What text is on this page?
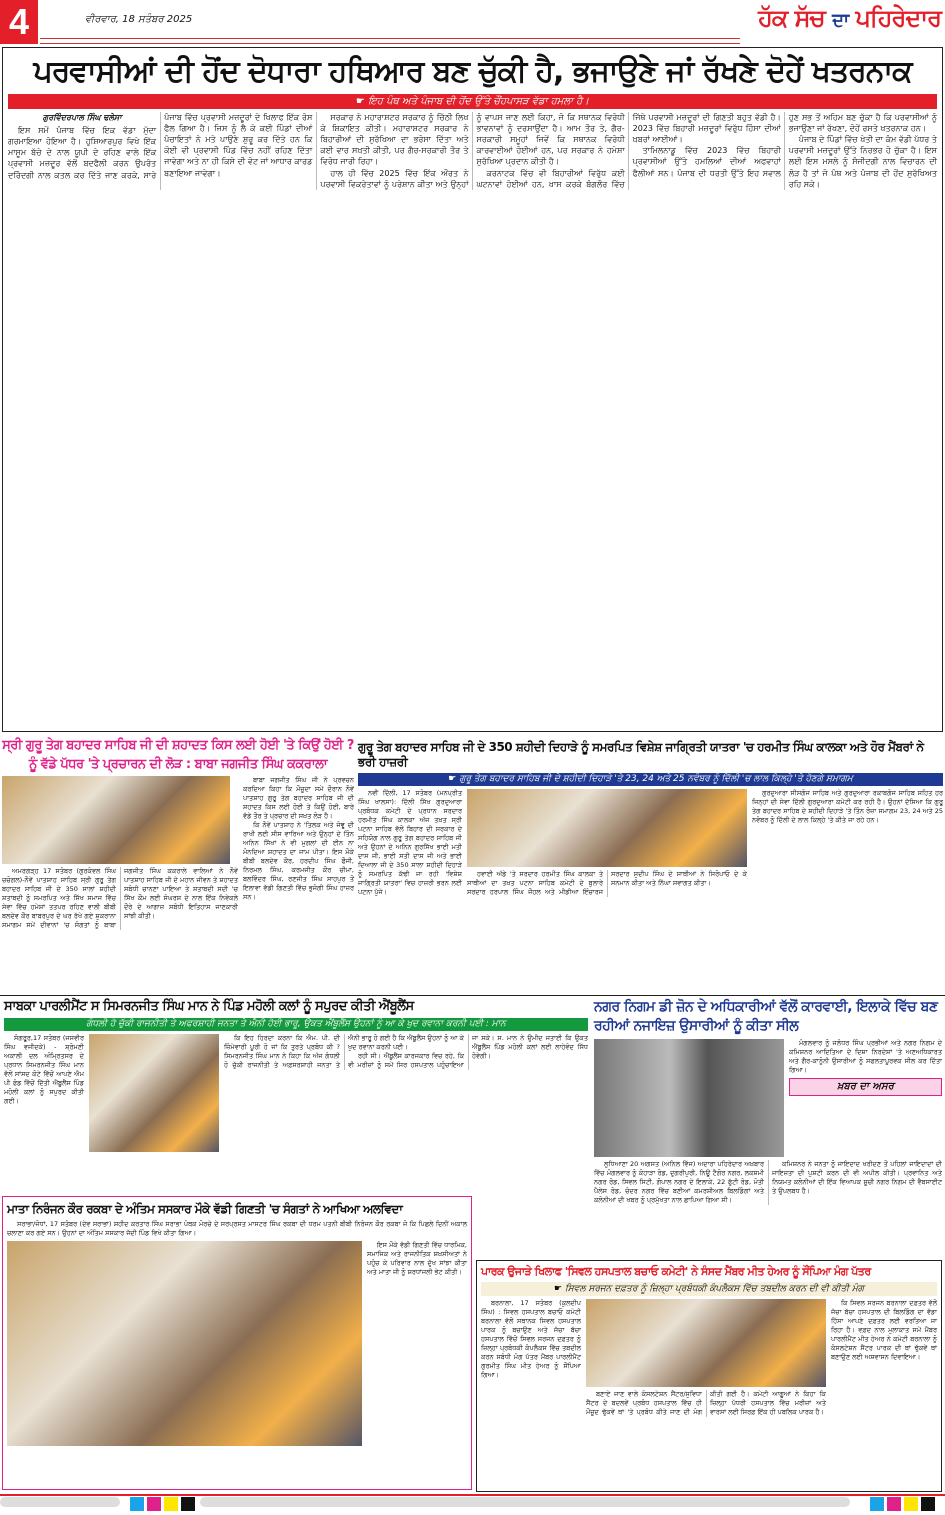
4	ਵੀਰਵਾਰ, 18 ਸਤੰਬਰ 2025	ਹੱਕ ਸੱਚ ਦਾ ਪਹਿਰੇਦਾਰ
ਪਰਵਾਸੀਆਂ ਦੀ ਹੋਂਦ ਦੋਧਾਰਾ ਹਥਿਆਰ ਬਣ ਚੁੱਕੀ ਹੈ, ਭਜਾਉਣੇ ਜਾਂ ਰੱਖਣੇ ਦੋਹੇਂ ਖਤਰਨਾਕ
☛ ਇਹ ਪੰਥ ਅਤੇ ਪੰਜਾਬ ਦੀ ਹੋਂਦ ਉੱਤੇ ਚੌਂਹਪਾਸੜ ਵੱਡਾ ਹਮਲਾ ਹੈ।
ਗੁਰਵਿੰਦਰਪਾਲ ਸਿੰਘ ਢਲੇਸਾ

ਇਸ ਸਮੇਂ ਪੰਜਾਬ ਵਿੱਚ ਇਕ ਵੱਡਾ ਮੁੱਦਾ ਗਰਮਾਇਆ ਹੋਇਆ ਹੈ। ਹੁਸ਼ਿਆਰਪੁਰ ਵਿਖੇ ਇੱਕ ਮਾਸੂਮ ਬੱਚੇ ਦੇ ਨਾਲ ਯੂਪੀ ਦੇ ਰਹਿਣ ਵਾਲੇ ਇੱਕ ਪ੍ਰਵਾਸੀ ਮਜ਼ਦੂਰ ਵੱਲੋਂ ਬਦਫੈਲੀ ਕਰਨ ਉਪਰੰਤ ਦਰਿੰਦਗੀ ਨਾਲ ਕਤਲ ਕਰ ਦਿੱਤੇ ਜਾਣ ਕਰਕੇ, ਸਾਰੇ ਪੰਜਾਬ ਵਿੱਚ ਪ੍ਰਵਾਸੀ ਮਜ਼ਦੂਰਾਂ ਦੇ ਖਿਲਾਫ ਇੱਕ ਰੋਸ ਫੈਲ ਗਿਆ ਹੈ। ਜਿਸ ਨੂੰ ਲੈ ਕੇ ਕਈ ਪਿੰਡਾਂ ਦੀਆਂ ਪੰਚਾਇਤਾਂ ਨੇ ਮਤੇ ਪਾਉਣੇ ਸ਼ੁਰੂ ਕਰ ਦਿੱਤੇ ਹਨ ਕਿ ਕੋਈ ਵੀ ਪ੍ਰਵਾਸੀ ਪਿੰਡ ਵਿੱਚ ਨਹੀਂ ਰਹਿਣ ਦਿੱਤਾ ਜਾਵੇਗਾ ਅਤੇ ਨਾ ਹੀ ਕਿਸੇ ਦੀ ਵੋਟ ਜਾਂ ਆਧਾਰ ਕਾਰਡ ਬਣਾਇਆ ਜਾਵੇਗਾ।

ਸਰਕਾਰ ਨੇ ਮਹਾਰਾਸ਼ਟਰ ਸਰਕਾਰ ਨੂੰ ਚਿੱਠੀ ਲਿਖ ਕੇ ਸ਼ਿਕਾਇਤ ਕੀਤੀ। ਮਹਾਰਾਸ਼ਟਰ ਸਰਕਾਰ ਨੇ ਬਿਹਾਰੀਆਂ ਦੀ ਸੁਰੱਖਿਆ ਦਾ ਭਰੋਸਾ ਦਿੱਤਾ ਅਤੇ ਕਈ ਵਾਰ ਸਖ਼ਤੀ ਕੀਤੀ, ਪਰ ਗੈਰ-ਸਰਕਾਰੀ ਤੌਰ ਤੇ ਵਿਰੋਧ ਜਾਰੀ ਰਿਹਾ।

ਹਾਲ ਹੀ ਵਿੱਚ 2025 ਵਿੱਚ ਇੱਕ ਔਰਤ ਨੇ ਪਰਵਾਸੀ ਵਿਕਰੇਤਾਵਾਂ ਨੂੰ ਪਰੇਸ਼ਾਨ ਕੀਤਾ ਅਤੇ ਉਨ੍ਹਾਂ ਨੂੰ ਵਾਪਸ ਜਾਣ ਲਈ ਕਿਹਾ, ਜੋ ਕਿ ਸਥਾਨਕ ਵਿਰੋਧੀ ਭਾਵਨਾਵਾਂ ਨੂੰ ਦਰਸਾਉਂਦਾ ਹੈ। ਆਮ ਤੌਰ ਤੇ, ਗੈਰ-ਸਰਕਾਰੀ ਸਮੂਹਾਂ ਜਿਵੇਂ ਕਿ ਸਥਾਨਕ ਵਿਰੋਧੀ ਕਾਰਵਾਈਆਂ ਹੋਈਆਂ ਹਨ, ਪਰ ਸਰਕਾਰ ਨੇ ਹਮੇਸ਼ਾ ਸੁਰੱਖਿਆ ਪ੍ਰਦਾਨ ਕੀਤੀ ਹੈ।

ਕਰਨਾਟਕ ਵਿੱਚ ਵੀ ਬਿਹਾਰੀਆਂ ਵਿਰੁੱਧ ਕਈ ਘਟਨਾਵਾਂ ਹੋਈਆਂ ਹਨ, ਖਾਸ ਕਰਕੇ ਬੰਗਲੌਰ ਵਿੱਚ ਜਿੱਥੇ ਪਰਵਾਸੀ ਮਜ਼ਦੂਰਾਂ ਦੀ ਗਿਣਤੀ ਬਹੁਤ ਵੱਡੀ ਹੈ। 2023 ਵਿੱਚ ਬਿਹਾਰੀ ਮਜ਼ਦੂਰਾਂ ਵਿਰੁੱਧ ਹਿੰਸਾ ਦੀਆਂ ਖ਼ਬਰਾਂ ਆਈਆਂ।

ਤਾਮਿਲਨਾਡੂ ਵਿੱਚ 2023 ਵਿੱਚ ਬਿਹਾਰੀ ਪ੍ਰਵਾਸੀਆਂ ਉੱਤੇ ਹਮਲਿਆਂ ਦੀਆਂ ਅਫਵਾਹਾਂ ਫੈਲੀਆਂ ਸਨ। ਪੰਜਾਬ ਦੀ ਧਰਤੀ ਉੱਤੇ ਇਹ ਸਵਾਲ ਹੁਣ ਸਭ ਤੋਂ ਅਹਿਮ ਬਣ ਚੁੱਕਾ ਹੈ ਕਿ ਪਰਵਾਸੀਆਂ ਨੂੰ ਭਜਾਉਣਾ ਜਾਂ ਰੱਖਣਾ, ਦੋਹੇਂ ਰਸਤੇ ਖਤਰਨਾਕ ਹਨ।

ਪੰਜਾਬ ਦੇ ਪਿੰਡਾਂ ਵਿੱਚ ਖੇਤੀ ਦਾ ਕੰਮ ਵੱਡੀ ਪੱਧਰ ਤੇ ਪਰਵਾਸੀ ਮਜ਼ਦੂਰਾਂ ਉੱਤੇ ਨਿਰਭਰ ਹੋ ਚੁੱਕਾ ਹੈ। ਇਸ ਲਈ ਇਸ ਮਸਲੇ ਨੂੰ ਸੰਜੀਦਗੀ ਨਾਲ ਵਿਚਾਰਨ ਦੀ ਲੋੜ ਹੈ ਤਾਂ ਜੋ ਪੰਥ ਅਤੇ ਪੰਜਾਬ ਦੀ ਹੋਂਦ ਸੁਰੱਖਿਅਤ ਰਹਿ ਸਕੇ।

ਸ੍ਰੀ ਗੁਰੂ ਤੇਗ ਬਹਾਦਰ ਸਾਹਿਬ ਜੀ ਦੀ ਸ਼ਹਾਦਤ ਕਿਸ ਲਈ ਹੋਈ 'ਤੇ ਕਿਉਂ ਹੋਈ ?
ਨੂੰ ਵੱਡੇ ਪੱਧਰ 'ਤੇ ਪ੍ਰਚਾਰਨ ਦੀ ਲੋੜ : ਬਾਬਾ ਜਗਜੀਤ ਸਿੰਘ ਕਕਰਾਲਾ

ਅਮਰਗੜ੍ਹ 17 ਸਤੰਬਰ (ਗੁਰਕੰਵਲ ਸਿੰਘ ਚਚੋਗਲ)-ਨੌਵੇਂ ਪਾਤਸ਼ਾਹ ਸਾਹਿਬ ਸ੍ਰੀ ਗੁਰੂ ਤੇਗ ਬਹਾਦਰ ਸਾਹਿਬ ਜੀ ਦੇ 350 ਸਾਲਾਂ ਸ਼ਹੀਦੀ ਸ਼ਤਾਬਦੀ ਨੂੰ ਸਮਰਪਿਤ ਅਤੇ ਸਿੱਖ ਸਮਾਜ ਵਿੱਚ ਸੇਵਾ ਵਿੱਚ ਹਮੇਸ਼ਾਂ ਤਤਪਰ ਰਹਿਣ ਵਾਲੀ ਬੀਬੀ ਬਲਦੇਵ ਕੌਰ ਬਾਬਰਪੁਰ ਦੇ ਘਰ ਰੱਖੇ ਗਏ ਸ਼ੁਕਰਾਨਾ ਸਮਾਗਮ ਸਮੇਂ ਦੀਵਾਨਾਂ 'ਚ ਸੰਗਤਾਂ ਨੂੰ ਬਾਬਾ ਜਗਜੀਤ ਸਿੰਘ ਕਕਰਾਲੇ ਵਾਲਿਆਂ ਨੇ ਨੌਵੇਂ ਪਾਤਸ਼ਾਹ ਸਾਹਿਬ ਜੀ ਦੇ ਮਹਾਨ ਜੀਵਨ ਤੇ ਸ਼ਹਾਦਤ ਸਬੰਧੀ ਚਾਨਣਾ ਪਾਇਆ ਤੇ ਸ਼ਤਾਬਦੀ ਸਦੀ 'ਚ ਸਿੱਖ ਕੌਮ ਲਈ ਸੰਘਰਸ਼ ਦੇ ਨਾਲ ਇੱਕ ਨਿਵੇਕਲੇ ਦੌਰੇ ਦੇ ਆਗਾਜ਼ ਸਬੰਧੀ ਇਤਿਹਾਸ ਜਾਣਕਾਰੀ ਸਾਂਝੀ ਕੀਤੀ।

ਬਾਬਾ ਜਗਜੀਤ ਸਿੰਘ ਜੀ ਨੇ ਪ੍ਰਵਚਨ ਕਰਦਿਆ ਕਿਹਾ ਕਿ ਮੌਜੂਦਾ ਸਮੇਂ ਦੌਰਾਨ ਨੌਵੇਂ ਪਾਤਸ਼ਾਹ ਗੁਰੂ ਤੇਗ ਬਹਾਦਰ ਸਾਹਿਬ ਜੀ ਦੀ ਸ਼ਹਾਦਤ ਕਿਸ ਲਈ ਹੋਈ ਤੇ ਕਿਉਂ ਹੋਈ, ਬਾਰੇ ਵੱਡੇ ਤੌਰ ਤੇ ਪ੍ਰਚਾਰ ਦੀ ਸਖ਼ਤ ਲੋੜ ਹੈ।

ਕਿ ਨੌਵੇਂ ਪਾਤਸ਼ਾਹ ਨੇ 'ਤਿਲਕ ਅਤੇ ਜੰਞੂ ਦੀ ਰਾਖੀ ਲਈ ਸੀਸ ਵਾਰਿਆ ਅਤੇ ਉਨ੍ਹਾਂ ਦੇ ਤਿੰਨ ਅਨਿਨ ਸਿੱਖਾਂ ਨੇ ਵੀ ਮੁਗਲਾਂ ਦੀ ਈਨ ਨਾ ਮੰਨਦਿਆ ਸ਼ਹਾਦਤ ਦਾ ਜਾਮ ਪੀਤਾ। ਇਸ ਮੌਕੇ ਬੀਬੀ ਬਲਦੇਵ ਕੌਰ, ਹਰਦੀਪ ਸਿੰਘ ਫੌਜੀ, ਨਿਰਮਲ ਸਿੰਘ, ਕਰਮਜੀਤ ਕੌਰ ਚੀਮਾ, ਬਲਵਿੰਦਰ ਸਿੰਘ, ਰਣਜੀਤ ਸਿੰਘ ਸਾਹਪੁਰ ਤੋਂ ਇਲਾਵਾ ਵੱਡੀ ਗਿਣਤੀ ਵਿੱਚ ਭੁਜੰਗੀ ਸਿੰਘ ਹਾਜ਼ਰ ਸਨ।

ਗੁਰੂ ਤੇਗ ਬਹਾਦਰ ਸਾਹਿਬ ਜੀ ਦੇ 350 ਸ਼ਹੀਦੀ ਦਿਹਾੜੇ ਨੂੰ ਸਮਰਪਿਤ ਵਿਸ਼ੇਸ਼ ਜਾਗ੍ਰਿਤੀ ਯਾਤਰਾ 'ਚ ਹਰਮੀਤ ਸਿੰਘ ਕਾਲਕਾ ਅਤੇ ਹੋਰ ਮੈਂਬਰਾਂ ਨੇ ਭਰੀ ਹਾਜ਼ਰੀ
☛ ਗੁਰੂ ਤੇਗ ਬਹਾਦਰ ਸਾਹਿਬ ਜੀ ਦੇ ਸ਼ਹੀਦੀ ਦਿਹਾੜੇ 'ਤੇ 23, 24 ਅਤੇ 25 ਨਵੰਬਰ ਨੂੰ ਦਿੱਲੀ 'ਚ ਲਾਲ ਕਿਲ੍ਹੇ 'ਤੇ ਹੋਣਗੇ ਸਮਾਗਮ

ਨਵੀਂ ਦਿੱਲੀ, 17 ਸਤੰਬਰ (ਮਨਪ੍ਰੀਤ ਸਿੰਘ ਖਾਲਸਾ): ਦਿੱਲੀ ਸਿੱਖ ਗੁਰਦੁਆਰਾ ਪ੍ਰਬੰਧਕ ਕਮੇਟੀ ਦੇ ਪ੍ਰਧਾਨ ਸਰਦਾਰ ਹਰਮੀਤ ਸਿੰਘ ਕਾਲਕਾ ਅੱਜ ਤਖ਼ਤ ਸ੍ਰੀ ਪਟਨਾ ਸਾਹਿਬ ਵੱਲੋਂ ਬਿਹਾਰ ਦੀ ਸਰਕਾਰ ਦੇ ਸਹਿਯੋਗ ਨਾਲ ਗੁਰੂ ਤੇਗ ਬਹਾਦਰ ਸਾਹਿਬ ਜੀ ਅਤੇ ਉਹਨਾਂ ਦੇ ਅਨਿਨ ਗੁਰਸਿੱਖ ਭਾਈ ਮਤੀ ਦਾਸ ਜੀ, ਭਾਈ ਸਤੀ ਦਾਸ ਜੀ ਅਤੇ ਭਾਈ ਦਿਆਲਾ ਜੀ ਦੇ 350 ਸਾਲਾ ਸ਼ਹੀਦੀ ਦਿਹਾੜੇ ਨੂੰ ਸਮਰਪਿਤ ਕੱਢੀ ਜਾ ਰਹੀ 'ਵਿਸ਼ੇਸ਼ ਜਾਗ੍ਰਿਤੀ ਯਾਤਰਾ' ਵਿਚ ਹਾਜ਼ਰੀ ਭਰਨ ਲਈ ਪਟਨਾ ਪੁੱਜੇ।

ਹਵਾਈ ਅੱਡੇ 'ਤੇ ਸਰਦਾਰ ਹਰਮੀਤ ਸਿੰਘ ਕਾਲਕਾ ਤੇ ਸਾਥੀਆਂ ਦਾ ਤਖ਼ਤ ਪਟਨਾ ਸਾਹਿਬ ਕਮੇਟੀ ਦੇ ਬੁਲਾਰੇ ਸਰਦਾਰ ਹਰਪਾਲ ਸਿੰਘ ਜੌਹਲ ਅਤੇ ਮੀਡੀਆ ਇੰਚਾਰਜ ਸਰਦਾਰ ਸੁਦੀਪ ਸਿੰਘ ਦੇ ਸਾਥੀਆਂ ਨੇ ਸਿਰੋਪਾਓ ਦੇ ਕੇ ਸਨਮਾਨ ਕੀਤਾ ਅਤੇ ਨਿੱਘਾ ਸਵਾਗਤ ਕੀਤਾ।

ਗੁਰਦੁਆਰਾ ਸੀਸਗੰਜ ਸਾਹਿਬ ਅਤੇ ਗੁਰਦੁਆਰਾ ਰਕਾਬਗੰਜ ਸਾਹਿਬ ਸਹਿਤ ਹਰ ਜਿਨ੍ਹਾਂ ਦੀ ਸੇਵਾ ਦਿੱਲੀ ਗੁਰਦੁਆਰਾ ਕਮੇਟੀ ਕਰ ਰਹੀ ਹੈ। ਉਹਨਾਂ ਦੱਸਿਆ ਕਿ ਗੁਰੂ ਤੇਗ ਬਹਾਦਰ ਸਾਹਿਬ ਦੇ ਸ਼ਹੀਦੀ ਦਿਹਾੜੇ 'ਤੇ ਤਿੰਨ ਰੋਜ਼ਾ ਸਮਾਗਮ 23, 24 ਅਤੇ 25 ਨਵੰਬਰ ਨੂੰ ਦਿੱਲੀ ਦੇ ਲਾਲ ਕਿਲ੍ਹੇ 'ਤੇ ਕੀਤੇ ਜਾ ਰਹੇ ਹਨ।

ਸਾਬਕਾ ਪਾਰਲੀਮੈਂਟ ਸ ਸਿਮਰਨਜੀਤ ਸਿੰਘ ਮਾਨ ਨੇ ਪਿੰਡ ਮਹੋਲੀ ਕਲਾਂ ਨੂੰ ਸਪੁਰਦ ਕੀਤੀ ਐਂਬੂਲੈਂਸ
ਗੰਧਲੀ ਹੋ ਚੁੱਕੀ ਰਾਜਨੀਤੀ ਤੇ ਅਫਰਸ਼ਾਹੀ ਜਨਤਾ ਤੇ ਐਨੀ ਹੋਈ ਭਾਰੂ, ਉਕਤ ਐਂਬੂਲੈਂਸ ਉਹਨਾਂ ਨੂੰ ਆ ਕੇ ਖੁਦ ਰਵਾਨਾ ਕਰਨੀ ਪਈ : ਮਾਨ

ਸੰਗਰੂਰ,17 ਸਤੰਬਰ (ਜਸਵੀਰ ਸਿੰਘ ਵਜੀਦਕੇ) - ਸ਼੍ਰੋਮਣੀ ਅਕਾਲੀ ਦਲ ਅੰਮ੍ਰਿਤਸਰ ਦੇ ਪ੍ਰਧਾਨ ਸਿਮਰਨਜੀਤ ਸਿੰਘ ਮਾਨ ਵੱਲੋਂ ਸਾਂਸਦ ਕੋਟੇ ਵਿੱਚੋਂ ਆਪਣੇ ਐਮ ਪੀ ਫੰਡ ਵਿੱਚੋਂ ਦਿੱਤੀ ਐਂਬੂਲੈਂਸ ਪਿੰਡ ਮਹੋਲੀ ਕਲਾਂ ਨੂੰ ਸਪੁਰਦ ਕੀਤੀ ਗਈ।

ਕਿ ਇਹ ਹਿਰਦਾ ਕਰਨਾ ਕਿ ਐਮ. ਪੀ. ਦੀ ਜ਼ਿੰਮੇਵਾਰੀ ਪੂਰੀ ਹੋ ਜਾਂ ਕਿ ਤੁਰਤੇ ਪ੍ਰਬੰਧ ਕੀ ? ਸਿਮਰਨਜੀਤ ਸਿੰਘ ਮਾਨ ਨੇ ਕਿਹਾ ਕਿ ਅੱਜ ਗੰਧਲੀ ਹੋ ਚੁੱਕੀ ਰਾਜਨੀਤੀ ਤੇ ਅਫ਼ਸਰਸ਼ਾਹੀ ਜਨਤਾ ਤੇ ਐਨੀ ਭਾਰੂ ਹੋ ਗਈ ਹੈ ਕਿ ਐਂਬੂਲੈਂਸ ਉਹਨਾਂ ਨੂੰ ਆ ਕੇ ਖੁਦ ਰਵਾਨਾ ਕਰਨੀ ਪਈ।

ਰਹੀ ਸੀ। ਐਂਬੂਲੈਂਸ ਕਾਰਜਕਾਰ ਵਿਚ ਰਹੇ, ਕਿ ਵੀ ਮਰੀਜ਼ਾਂ ਨੂੰ ਸਮੇਂ ਸਿਰ ਹਸਪਤਾਲ ਪਹੁੰਚਾਇਆ ਜਾ ਸਕੇ। ਸ. ਮਾਨ ਨੇ ਉਮੀਦ ਜਤਾਈ ਕਿ ਉਕਤ ਐਂਬੂਲੈਂਸ ਪਿੰਡ ਮਹੋਲੀ ਕਲਾਂ ਲਈ ਲਾਹੇਵੰਦ ਸਿੱਧ ਹੋਵੇਗੀ।

ਨਗਰ ਨਿਗਮ ਡੀ ਜ਼ੋਨ ਦੇ ਅਧਿਕਾਰੀਆਂ ਵੱਲੋਂ ਕਾਰਵਾਈ, ਇਲਾਕੇ ਵਿੱਚ ਬਣ ਰਹੀਆਂ ਨਜਾਇਜ਼ ਉਸਾਰੀਆਂ ਨੂੰ ਕੀਤਾ ਸੀਲ

ਮੰਗਲਵਾਰ ਨੂੰ ਜਲੰਧਰ ਸਿੰਘ ਪ੍ਰਭੀਆਂ ਅਤੇ ਨਗਰ ਨਿਗਮ ਦੇ ਕਮਿਸ਼ਨਰ ਆਦਿਤਿਆ ਦੇ ਦਿਸ਼ਾ ਨਿਰਦੇਸ਼ਾਂ 'ਤੇ ਅਣਅਧਿਕਾਰਤ ਅਤੇ ਗੈਰ-ਕਾਨੂੰਨੀ ਉਸਾਰੀਆਂ ਨੂੰ ਸਫਲਤਾਪੂਰਵਕ ਸੀਲ ਕਰ ਦਿੱਤਾ ਗਿਆ।

ਖ਼ਬਰ ਦਾ ਅਸਰ

ਲੁਧਿਆਣਾ 20 ਅਗਸਤ (ਅਨਿਲ ਵਿੱਜ) ਅਦਾਰਾ ਪਹਿਰੇਦਾਰ ਅਖ਼ਬਾਰ ਵਿੱਚ ਮੰਗਲਵਾਰ ਨੂੰ ਕੋਹਾੜਾ ਰੋਡ, ਦੁਗਰੀਪੁਰੀ, ਨਿਊ ਟੈਗੋਰ ਨਗਰ, ਲਕਸ਼ਮੀ ਨਗਰ ਰੋਡ, ਸਿਵਲ ਸਿਟੀ, ਗੋਪਾਲ ਨਗਰ ਦੇ ਇਲਾਕੇ, 22 ਫੁੱਟੀ ਰੋਡ, ਮੋਤੀ ਪੈਲੇਸ ਰੋਡ, ਚੰਦਰ ਨਗਰ ਵਿੱਚ ਬਣੀਆਂ ਕਮਰਸ਼ੀਅਲ ਬਿਲਡਿੰਗਾਂ ਅਤੇ ਕਲੋਨੀਆਂ ਦੀ ਖਬਰ ਨੂੰ ਪ੍ਰਮੁੱਖਤਾ ਨਾਲ ਛਾਪਿਆ ਗਿਆ ਸੀ।

ਕਮਿਸ਼ਨਰ ਨੇ ਜਨਤਾ ਨੂੰ ਜਾਇਦਾਦ ਖਰੀਦਣ ਤੋਂ ਪਹਿਲਾਂ ਜਾਇਦਾਦਾਂ ਦੀ ਜਾਇਜ਼ਤਾ ਦੀ ਪੁਸ਼ਟੀ ਕਰਨ ਦੀ ਵੀ ਅਪੀਲ ਕੀਤੀ। ਪ੍ਰਵਾਨਿਤ ਅਤੇ ਨਿਯਮਤ ਕਲੋਨੀਆਂ ਦੀ ਇੱਕ ਵਿਆਪਕ ਸੂਚੀ ਨਗਰ ਨਿਗਮ ਦੀ ਵੈਬਸਾਈਟ ਤੇ ਉਪਲਬਧ ਹੈ।

ਮਾਤਾ ਨਿਰੰਜਨ ਕੌਰ ਰਕਬਾ ਦੇ ਅੰਤਿਮ ਸਸਕਾਰ ਮੌਕੇ ਵੱਡੀ ਗਿਣਤੀ 'ਚ ਸੰਗਤਾਂ ਨੇ ਆਖਿਆ ਅਲਵਿਦਾ

ਸਰਾਭਾ/ਜੋਧਾਂ, 17 ਸਤੰਬਰ (ਦੇਵ ਸਰਾਭਾ) ਸ਼ਹੀਦ ਕਰਤਾਰ ਸਿੰਘ ਸਰਾਭਾ ਪੰਥਕ ਮੋਰਚੇ ਦੇ ਸਰਪ੍ਰਸਤ ਮਾਸਟਰ ਸਿੰਘ ਰਕਬਾ ਦੀ ਧਰਮ ਪਤਨੀ ਬੀਬੀ ਨਿਰੰਜਨ ਕੌਰ ਰਕਬਾ ਜੋ ਕਿ ਪਿਛਲੇ ਦਿਨੀਂ ਅਕਾਲ ਚਲਾਣਾ ਕਰ ਗਏ ਸਨ। ਉਹਨਾਂ ਦਾ ਅੰਤਿਮ ਸਸਕਾਰ ਜੱਦੀ ਪਿੰਡ ਵਿਖੇ ਕੀਤਾ ਗਿਆ।

ਇਸ ਮੌਕੇ ਵੱਡੀ ਗਿਣਤੀ ਵਿੱਚ ਧਾਰਮਿਕ, ਸਮਾਜਿਕ ਅਤੇ ਰਾਜਨੀਤਿਕ ਸ਼ਖ਼ਸੀਅਤਾਂ ਨੇ ਪਹੁੰਚ ਕੇ ਪਰਿਵਾਰ ਨਾਲ ਦੁੱਖ ਸਾਂਝਾ ਕੀਤਾ ਅਤੇ ਮਾਤਾ ਜੀ ਨੂੰ ਸ਼ਰਧਾਂਜਲੀ ਭੇਟ ਕੀਤੀ।	ਪਾਰਕ ਉਜਾੜੇ ਖਿਲਾਫ 'ਸਿਵਲ ਹਸਪਤਾਲ ਬਚਾਓ ਕਮੇਟੀ' ਨੇ ਸੰਸਦ ਮੈਂਬਰ ਮੀਤ ਹੇਅਰ ਨੂੰ ਸੌਂਪਿਆ ਮੰਗ ਪੱਤਰ
☛ ਸਿਵਲ ਸਰਜਨ ਦਫ਼ਤਰ ਨੂੰ ਜ਼ਿਲ੍ਹਾ ਪ੍ਰਬੰਧਕੀ ਕੰਪਲੈਕਸ ਵਿੱਚ ਤਬਦੀਲ ਕਰਨ ਦੀ ਵੀ ਕੀਤੀ ਮੰਗ

ਬਰਨਾਲਾ, 17 ਸਤੰਬਰ (ਕੁਲਦੀਪ ਸਿੰਘ) : ਸਿਵਲ ਹਸਪਤਾਲ ਬਚਾਓ ਕਮੇਟੀ ਬਰਨਾਲਾ ਵੱਲੋਂ ਸਥਾਨਕ ਸਿਵਲ ਹਸਪਤਾਲ ਪਾਰਕ ਨੂੰ ਬਚਾਉਣ ਅਤੇ ਜੱਚਾ ਬੱਚਾ ਹਸਪਤਾਲ ਵਿੱਚੋਂ ਸਿਵਲ ਸਰਜਨ ਦਫ਼ਤਰ ਨੂੰ ਜ਼ਿਲ੍ਹਾ ਪ੍ਰਬੰਧਕੀ ਕੰਪਲੈਕਸ ਵਿੱਚ ਤਬਦੀਲ ਕਰਨ ਸਬੰਧੀ ਮੰਗ ਪੱਤਰ ਮੈਂਬਰ ਪਾਰਲੀਮੈਂਟ ਗੁਰਮੀਤ ਸਿੰਘ ਮੀਤ ਹੇਅਰ ਨੂੰ ਸੌਂਪਿਆ ਗਿਆ।

ਬਣਾਏ ਜਾਣ ਵਾਲੇ ਕੰਸਲਟੇਸ਼ਨ ਸੈਂਟਰ/ਸੁਵਿਧਾ ਸੈਂਟਰ ਦੇ ਬਦਲਵੇਂ ਪ੍ਰਬੰਧ ਹਸਪਤਾਲ ਵਿੱਚ ਹੀ ਮੌਜੂਦ ਢੁੱਕਵੇਂ ਥਾਂ 'ਤੇ ਪ੍ਰਬੰਧ ਕੀਤੇ ਜਾਣ ਦੀ ਮੰਗ ਕੀਤੀ ਗਈ ਹੈ। ਕਮੇਟੀ ਆਗੂਆਂ ਨੇ ਕਿਹਾ ਕਿ ਜ਼ਿਲ੍ਹਾ ਪੱਧਰੀ ਹਸਪਤਾਲ ਵਿੱਚ ਮਰੀਜ਼ਾਂ ਅਤੇ ਵਾਰਸਾਂ ਲਈ ਸਿਰਫ਼ ਇੱਕ ਹੀ ਪਬਲਿਕ ਪਾਰਕ ਹੈ।

ਕਿ ਸਿਵਲ ਸਰਜਨ ਬਰਨਾਲਾ ਦਫ਼ਤਰ ਵੱਲੋਂ ਜੱਚਾ ਬੱਚਾ ਹਸਪਤਾਲ ਦੀ ਬਿਲਡਿੰਗ ਦਾ ਵੱਡਾ ਹਿੱਸਾ ਆਪਣੇ ਦਫ਼ਤਰ ਲਈ ਵਰਤਿਆ ਜਾ ਰਿਹਾ ਹੈ। ਵਫ਼ਦ ਨਾਲ ਮੁਲਾਕਾਤ ਸਮੇਂ ਮੈਂਬਰ ਪਾਰਲੀਮੈਂਟ ਮੀਤ ਹੇਅਰ ਨੇ ਕਮੇਟੀ ਬਰਨਾਲਾ ਨੂੰ ਕੰਸਲਟੇਸ਼ਨ ਸੈਂਟਰ ਪਾਰਕ ਦੀ ਥਾਂ ਢੁੱਕਵੇਂ ਥਾਂ ਬਣਾਉਣ ਲਈ ਅਸ਼ਵਾਸਨ ਦਿਵਾਇਆ।
